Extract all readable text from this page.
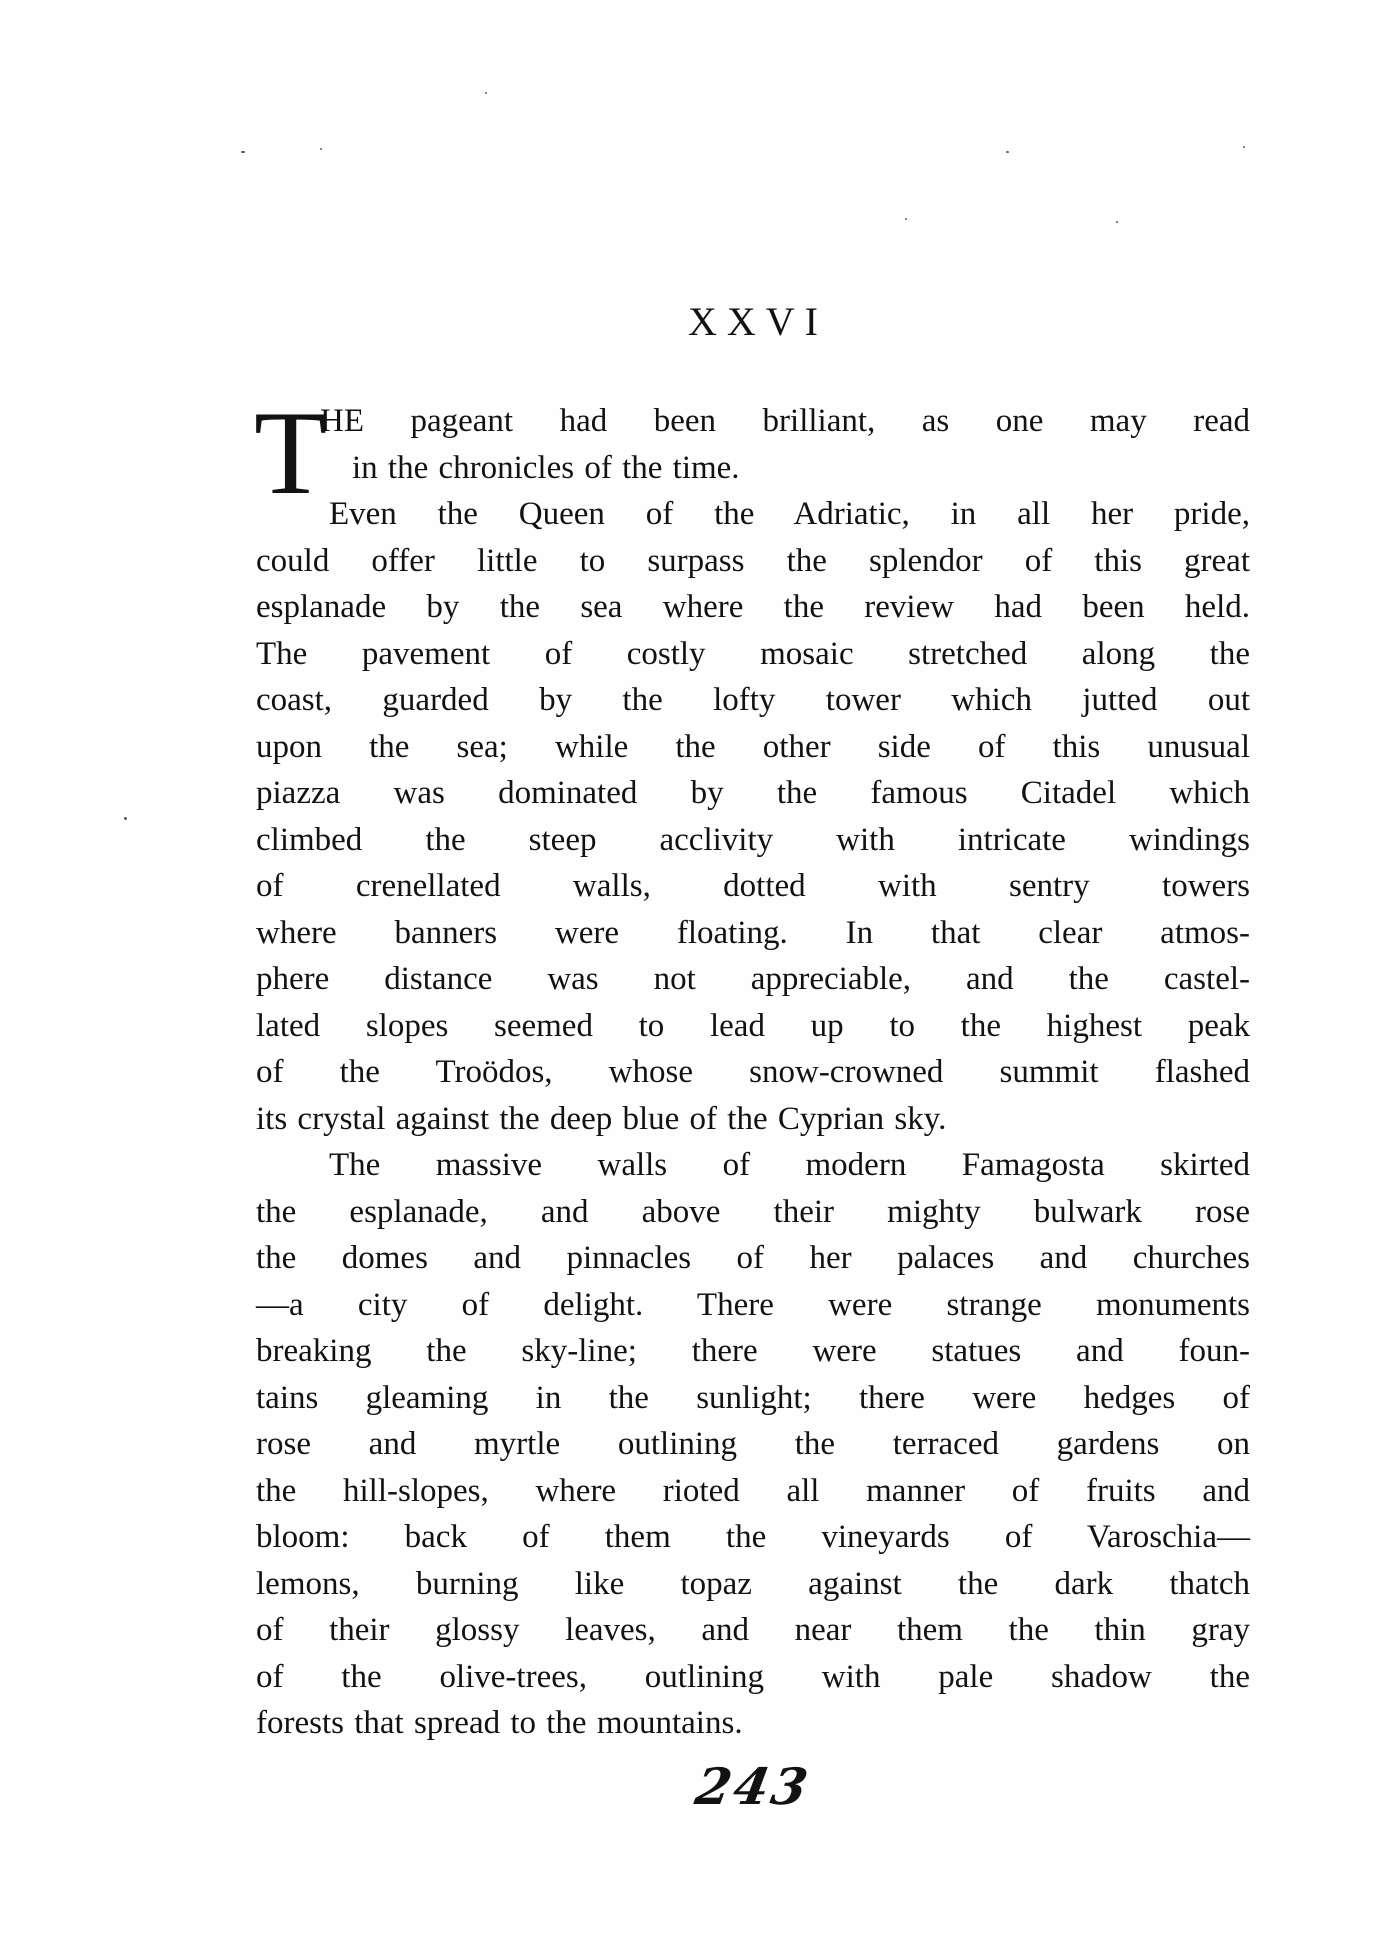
XXVI
T
HE pageant had been brilliant, as one may read
in the chronicles of the time.
Even the Queen of the Adriatic, in all her pride,
could offer little to surpass the splendor of this great
esplanade by the sea where the review had been held.
The pavement of costly mosaic stretched along the
coast, guarded by the lofty tower which jutted out
upon the sea; while the other side of this unusual
piazza was dominated by the famous Citadel which
climbed the steep acclivity with intricate windings
of crenellated walls, dotted with sentry towers
where banners were floating. In that clear atmos-
phere distance was not appreciable, and the castel-
lated slopes seemed to lead up to the highest peak
of the Troödos, whose snow-crowned summit flashed
its crystal against the deep blue of the Cyprian sky.
The massive walls of modern Famagosta skirted
the esplanade, and above their mighty bulwark rose
the domes and pinnacles of her palaces and churches
—a city of delight. There were strange monuments
breaking the sky-line; there were statues and foun-
tains gleaming in the sunlight; there were hedges of
rose and myrtle outlining the terraced gardens on
the hill-slopes, where rioted all manner of fruits and
bloom: back of them the vineyards of Varoschia—
lemons, burning like topaz against the dark thatch
of their glossy leaves, and near them the thin gray
of the olive-trees, outlining with pale shadow the
forests that spread to the mountains.
243
